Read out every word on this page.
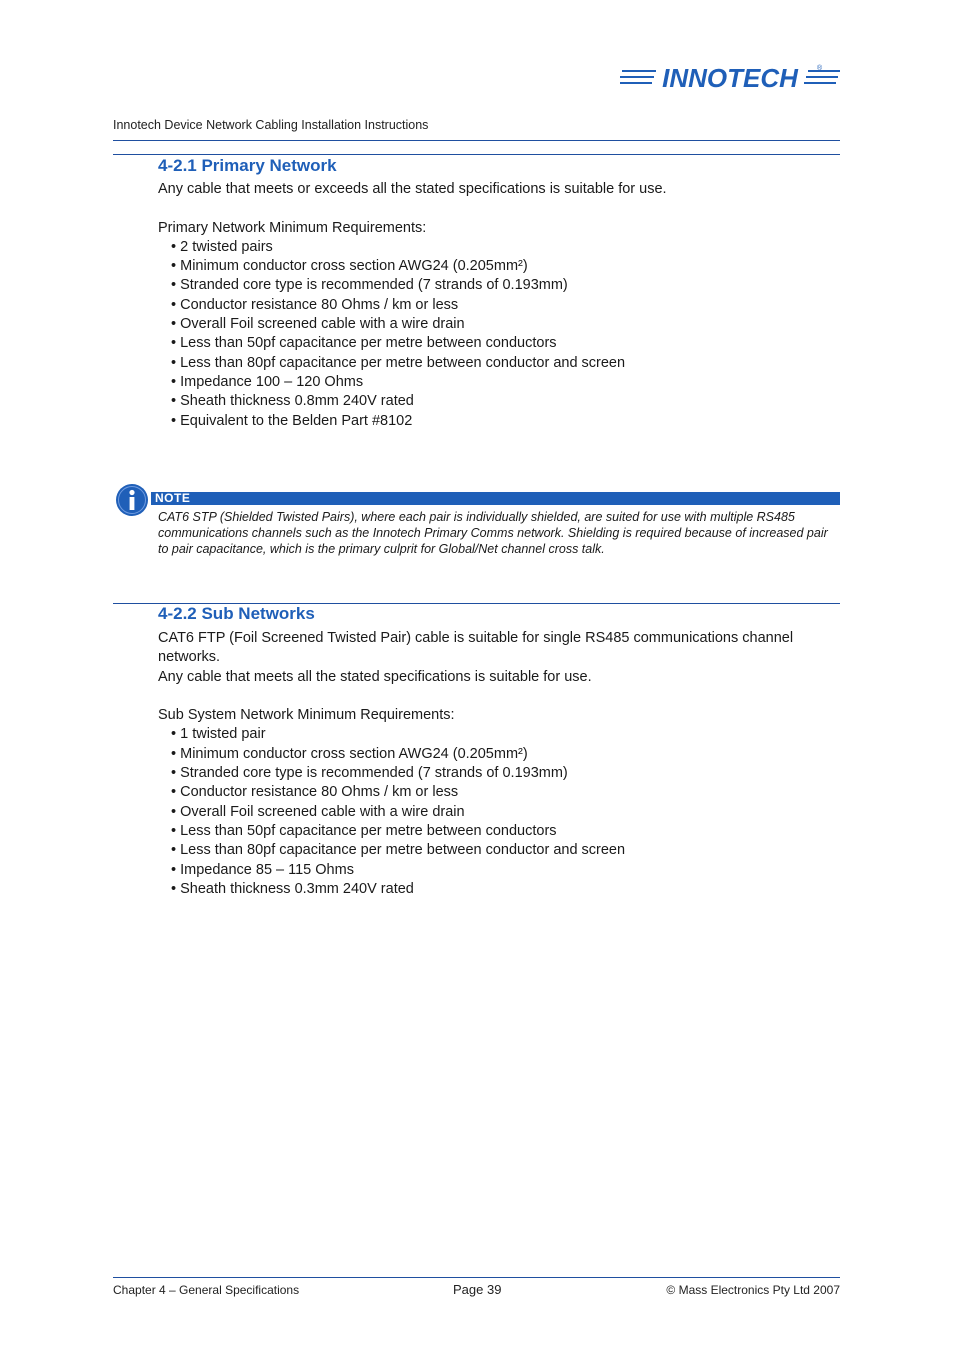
INNOTECH	®
Innotech Device Network Cabling Installation Instructions
4-2.1 Primary Network

Any cable that meets or exceeds all the stated specifications is suitable for use.

Primary Network Minimum Requirements:

• 2 twisted pairs
• Minimum conductor cross section AWG24 (0.205mm²)
• Stranded core type is recommended (7 strands of 0.193mm)
• Conductor resistance 80 Ohms / km or less
• Overall Foil screened cable with a wire drain
• Less than 50pf capacitance per metre between conductors
• Less than 80pf capacitance per metre between conductor and screen
• Impedance 100 – 120 Ohms
• Sheath thickness 0.8mm 240V rated
• Equivalent to the Belden Part #8102
NOTE
CAT6 STP (Shielded Twisted Pairs), where each pair is individually shielded, are suited for use with multiple RS485 communications channels such as the Innotech Primary Comms network. Shielding is required because of increased pair to pair capacitance, which is the primary culprit for Global/Net channel cross talk.
4-2.2 Sub Networks

CAT6 FTP (Foil Screened Twisted Pair) cable is suitable for single RS485 communications channel networks.

Any cable that meets all the stated specifications is suitable for use.

Sub System Network Minimum Requirements:

• 1 twisted pair
• Minimum conductor cross section AWG24 (0.205mm²)
• Stranded core type is recommended (7 strands of 0.193mm)
• Conductor resistance 80 Ohms / km or less
• Overall Foil screened cable with a wire drain
• Less than 50pf capacitance per metre between conductors
• Less than 80pf capacitance per metre between conductor and screen
• Impedance 85 – 115 Ohms
• Sheath thickness 0.3mm 240V rated
Chapter 4 – General Specifications	Page 39	© Mass Electronics Pty Ltd 2007
